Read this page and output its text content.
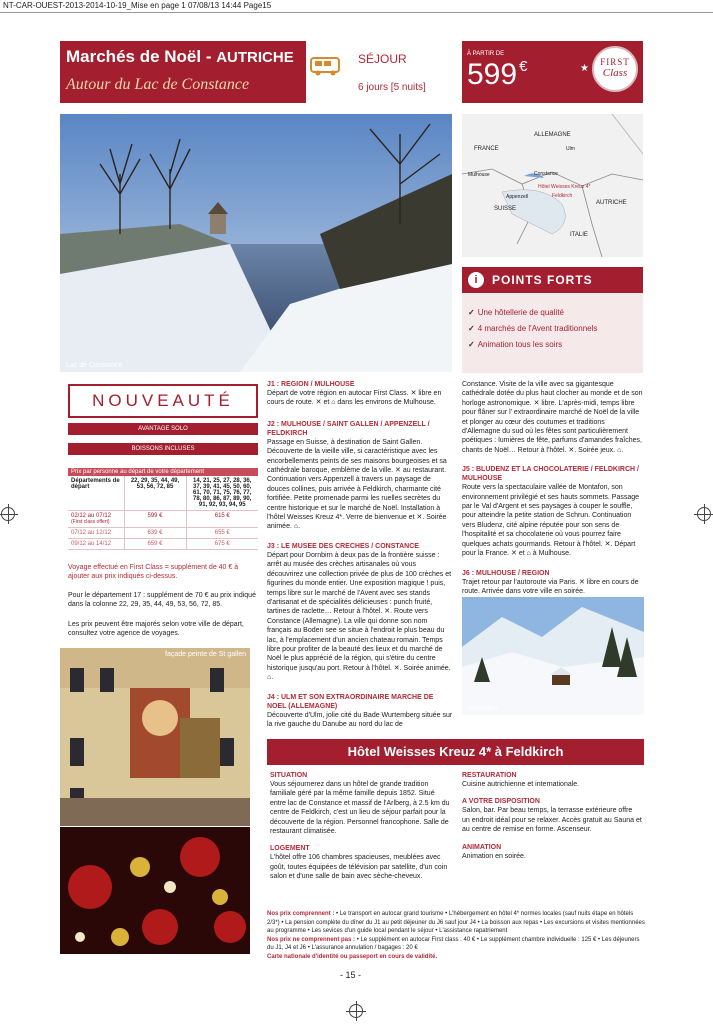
NT-CAR-OUEST-2013-2014-10-19_Mise en page 1 07/08/13 14:44 Page15
Marchés de Noël - AUTRICHE
Autour du Lac de Constance
SÉJOUR
6 jours [5 nuits]
À PARTIR DE
599 €	FIRST
Class
★
Lac de Constance
ALLEMAGNE
FRANCE	Ulm
Mulhouse	Constance
Hôtel Weisses Kreuz 4*
Appenzell	Feldkirch
SUISSE
AUTRICHE
ITALIE
i	POINTS FORTS
✓ Une hôtellerie de qualité
✓ 4 marchés de l'Avent traditionnels
✓ Animation tous les soirs
NOUVEAUTÉ
AVANTAGE SOLO
BOISSONS INCLUSES
Prix par personne au départ de votre département
Départements de départ	22, 29, 35, 44, 49, 53, 56, 72, 85	14, 21, 25, 27, 28, 36, 37, 39, 41, 45, 50, 60, 61, 70, 71, 75, 76, 77, 78, 80, 86, 87, 89, 90, 91, 92, 93, 94, 95
02/12 au 07/12
(First class offert)	599 €	615 €
07/12 au 12/12	639 €	655 €
09/12 au 14/12	659 €	675 €
Voyage effectué en First Class = supplément de 40 € à ajouter aux prix indiqués ci-dessus.
Pour le département 17 : supplément de 70 € au prix indiqué dans la colonne 22, 29, 35, 44, 49, 53, 56, 72, 85.
Les prix peuvent être majorés selon votre ville de départ, consultez votre agence de voyages.
façade peinte de St gallen
J1 : REGION / MULHOUSE

Départ de votre région en autocar First Class. ✕ libre en cours de route. ✕ et ⌂ dans les environs de Mulhouse.

J2 : MULHOUSE / SAINT GALLEN / APPENZELL / FELDKIRCH

Passage en Suisse, à destination de Saint Gallen. Découverte de la vieille ville, si caractéristique avec les encorbellements peints de ses maisons bourgeoises et sa cathédrale baroque, emblème de la ville. ✕ au restaurant. Continuation vers Appenzell à travers un paysage de douces collines, puis arrivée à Feldkirch, charmante cité fortifiée. Petite promenade parmi les ruelles secrètes du centre historique et sur le marché de Noël. Installation à l'hôtel Weisses Kreuz 4*. Verre de bienvenue et ✕. Soirée animée. ⌂.

J3 : LE MUSEE DES CRECHES / CONSTANCE

Départ pour Dornbirn à deux pas de la frontière suisse : arrêt au musée des crèches artisanales où vous découvrirez une collection privée de plus de 100 crèches et figurines du monde entier. Une exposition magique ! puis, temps libre sur le marché de l'Avent avec ses stands d'artisanat et de spécialités délicieuses : punch fruité, tartines de raclette… Retour à l'hôtel. ✕. Route vers Constance (Allemagne). La ville qui donne son nom français au Boden see se situe à l'endroit le plus beau du lac, à l'emplacement d'un ancien chateau romain. Temps libre pour profiter de la beauté des lieux et du marché de Noël le plus apprécié de la région, qui s'étire du centre historique jusqu'au port. Retour à l'hôtel. ✕. Soirée animée. ⌂.

J4 : ULM ET SON EXTRAORDINAIRE MARCHE DE NOEL (ALLEMAGNE)

Découverte d'Ulm, jolie cité du Bade Wurtemberg située sur la rive gauche du Danube au nord du lac de

Constance. Visite de la ville avec sa gigantesque cathédrale dotée du plus haut clocher au monde et de son horloge astronomique. ✕ libre. L'après-midi, temps libre pour flâner sur l' extraordinaire marché de Noël de la ville et plonger au cœur des coutumes et traditions d'Allemagne du sud où les fêtes sont particulièrement poétiques : lumières de fête, parfums d'amandes fraîches, chants de Noël… Retour à l'hôtel. ✕. Soirée jeux. ⌂.

J5 : BLUDENZ ET LA CHOCOLATERIE / FELDKIRCH / MULHOUSE

Route vers la spectaculaire vallée de Montafon, son environnement privilégié et ses hauts sommets. Passage par le Val d'Argent et ses paysages à couper le souffle, pour atteindre la petite station de Schrun. Continuation vers Bludenz, cité alpine réputée pour son sens de l'hospitalité et sa chocolaterie où vous pourrez faire quelques achats gourmands. Retour à l'hôtel. ✕. Départ pour la France. ✕ et ⌂ à Mulhouse.

J6 : MULHOUSE / REGION

Trajet retour par l'autoroute via Paris. ✕ libre en cours de route. Arrivée dans votre ville en soirée.

Montafon
Hôtel Weisses Kreuz 4* à Feldkirch
SITUATION

Vous séjournerez dans un hôtel de grande tradition familiale géré par la même famille depuis 1852. Situé entre lac de Constance et massif de l'Arlberg, à 2.5 km du centre de Feldkirch, c'est un lieu de séjour parfait pour la découverte de la région. Personnel francophone. Salle de restaurant climatisée.

LOGEMENT

L'hôtel offre 106 chambres spacieuses, meublées avec goût, toutes équipées de télévision par satellite, d'un coin salon et d'une salle de bain avec sèche-cheveux.

RESTAURATION

Cuisine autrichienne et internationale.

A VOTRE DISPOSITION

Salon, bar. Par beau temps, la terrasse extérieure offre un endroit idéal pour se relaxer. Accès gratuit au Sauna et au centre de remise en forme. Ascenseur.

ANIMATION

Animation en soirée.

Nos prix comprennent : • Le transport en autocar grand tourisme • L'hébergement en hôtel 4* normes locales (sauf nuits étape en hôtels 2/3*) • La pension complète du dîner du J1 au petit déjeuner du J6 sauf jour J4 • La boisson aux repas • Les excursions et visites mentionnées au programme • Les sevices d'un guide local pendant le séjour • L'assistance rapatriement
Nos prix ne comprennent pas : • Le supplément en autocar First class : 40 € • Le supplément chambre individuelle : 125 € • Les déjeuners du J1, J4 et J6 • L'assurance annulation / bagages : 20 €
Carte nationale d'identité ou passeport en cours de validité.
- 15 -
